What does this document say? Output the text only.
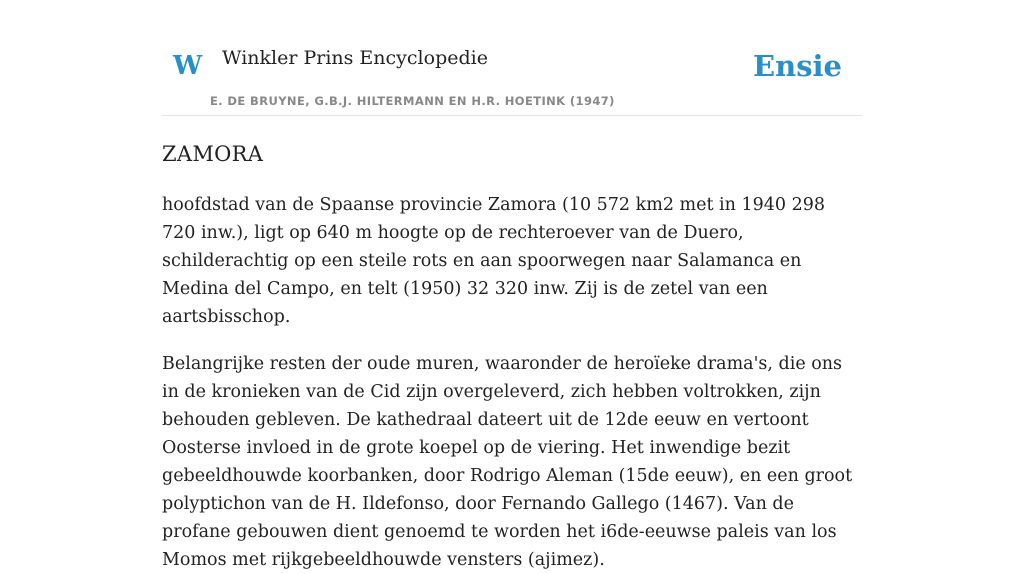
W Winkler Prins Encyclopedie
E. DE BRUYNE, G.B.J. HILTERMANN EN H.R. HOETINK (1947)
Ensie
ZAMORA

hoofdstad van de Spaanse provincie Zamora (10 572 km2 met in 1940 298 720 inw.), ligt op 640 m hoogte op de rechteroever van de Duero, schilderachtig op een steile rots en aan spoorwegen naar Salamanca en Medina del Campo, en telt (1950) 32 320 inw. Zij is de zetel van een aartsbisschop.

Belangrijke resten der oude muren, waaronder de heroïeke drama's, die ons in de kronieken van de Cid zijn overgeleverd, zich hebben voltrokken, zijn behouden gebleven. De kathedraal dateert uit de 12de eeuw en vertoont Oosterse invloed in de grote koepel op de viering. Het inwendige bezit gebeeldhouwde koorbanken, door Rodrigo Aleman (15de eeuw), en een groot polyptichon van de H. Ildefonso, door Fernando Gallego (1467). Van de profane gebouwen dient genoemd te worden het i6de-eeuwse paleis van los Momos met rijkgebeeldhouwde vensters (ajimez).
